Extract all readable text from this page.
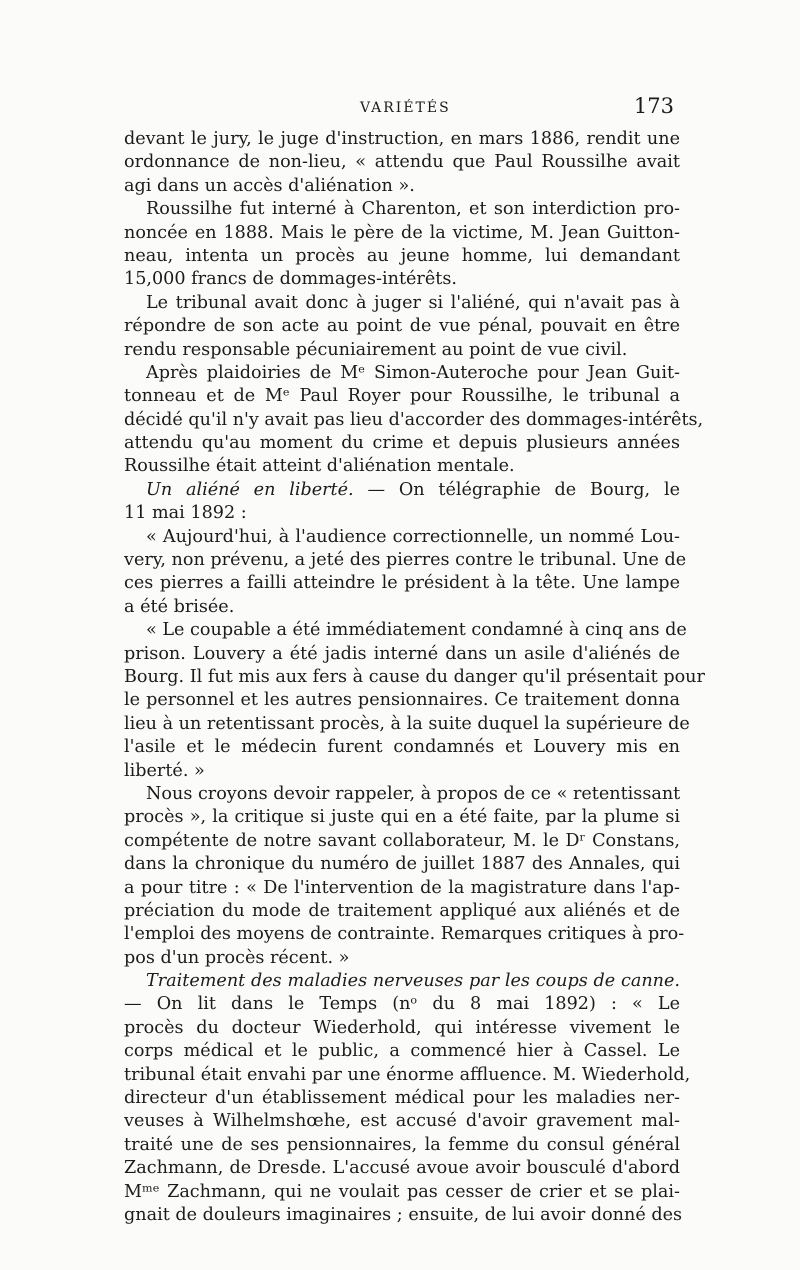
VARIÉTÉS	173
devant le jury, le juge d'instruction, en mars 1886, rendit une
ordonnance de non-lieu, « attendu que Paul Roussilhe avait
agi dans un accès d'aliénation ».
Roussilhe fut interné à Charenton, et son interdiction pro-
noncée en 1888. Mais le père de la victime, M. Jean Guitton-
neau, intenta un procès au jeune homme, lui demandant
15,000 francs de dommages-intérêts.
Le tribunal avait donc à juger si l'aliéné, qui n'avait pas à
répondre de son acte au point de vue pénal, pouvait en être
rendu responsable pécuniairement au point de vue civil.
Après plaidoiries de Mᵉ Simon-Auteroche pour Jean Guit-
tonneau et de Mᵉ Paul Royer pour Roussilhe, le tribunal a
décidé qu'il n'y avait pas lieu d'accorder des dommages-intérêts,
attendu qu'au moment du crime et depuis plusieurs années
Roussilhe était atteint d'aliénation mentale.
Un aliéné en liberté. — On télégraphie de Bourg, le
11 mai 1892 :
« Aujourd'hui, à l'audience correctionnelle, un nommé Lou-
very, non prévenu, a jeté des pierres contre le tribunal. Une de
ces pierres a failli atteindre le président à la tête. Une lampe
a été brisée.
« Le coupable a été immédiatement condamné à cinq ans de
prison. Louvery a été jadis interné dans un asile d'aliénés de
Bourg. Il fut mis aux fers à cause du danger qu'il présentait pour
le personnel et les autres pensionnaires. Ce traitement donna
lieu à un retentissant procès, à la suite duquel la supérieure de
l'asile et le médecin furent condamnés et Louvery mis en
liberté. »
Nous croyons devoir rappeler, à propos de ce « retentissant
procès », la critique si juste qui en a été faite, par la plume si
compétente de notre savant collaborateur, M. le Dʳ Constans,
dans la chronique du numéro de juillet 1887 des Annales, qui
a pour titre : « De l'intervention de la magistrature dans l'ap-
préciation du mode de traitement appliqué aux aliénés et de
l'emploi des moyens de contrainte. Remarques critiques à pro-
pos d'un procès récent. »
Traitement des maladies nerveuses par les coups de canne.
— On lit dans le Temps (nᵒ du 8 mai 1892) : « Le
procès du docteur Wiederhold, qui intéresse vivement le
corps médical et le public, a commencé hier à Cassel. Le
tribunal était envahi par une énorme affluence. M. Wiederhold,
directeur d'un établissement médical pour les maladies ner-
veuses à Wilhelmshœhe, est accusé d'avoir gravement mal-
traité une de ses pensionnaires, la femme du consul général
Zachmann, de Dresde. L'accusé avoue avoir bousculé d'abord
Mᵐᵉ Zachmann, qui ne voulait pas cesser de crier et se plai-
gnait de douleurs imaginaires ; ensuite, de lui avoir donné des
